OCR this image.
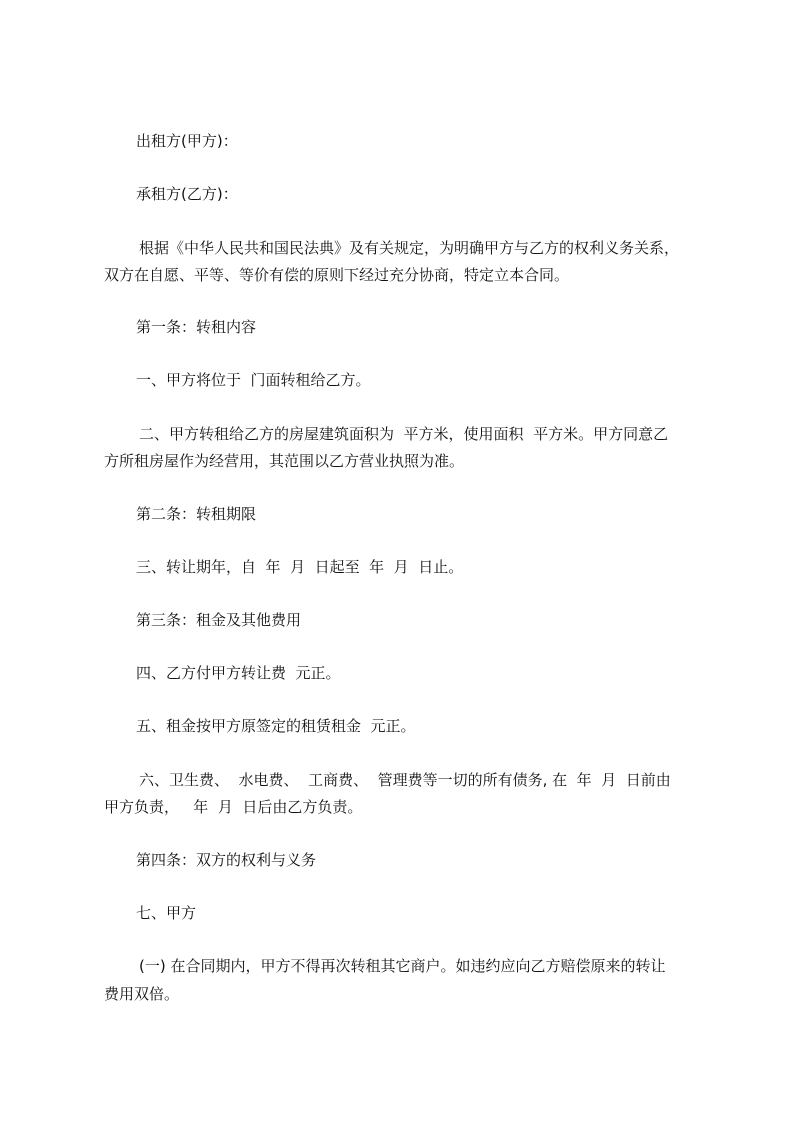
出租方(甲方)：

承租方(乙方)：

根据《中华人民共和国民法典》及有关规定，为明确甲方与乙方的权利义务关系，

双方在自愿、平等、等价有偿的原则下经过充分协商，特定立本合同。

第一条：转租内容

一、甲方将位于  门面转租给乙方。

二、甲方转租给乙方的房屋建筑面积为  平方米，使用面积  平方米。甲方同意乙

方所租房屋作为经营用，其范围以乙方营业执照为准。

第二条：转租期限

三、转让期年，自  年  月  日起至  年  月  日止。

第三条：租金及其他费用

四、乙方付甲方转让费  元正。

五、租金按甲方原签定的租赁租金  元正。

六、卫生费、  水电费、  工商费、  管理费等一切的所有债务, 在  年  月  日前由

甲方负责，   年  月  日后由乙方负责。

第四条：双方的权利与义务

七、甲方

(一) 在合同期内，甲方不得再次转租其它商户。如违约应向乙方赔偿原来的转让

费用双倍。
